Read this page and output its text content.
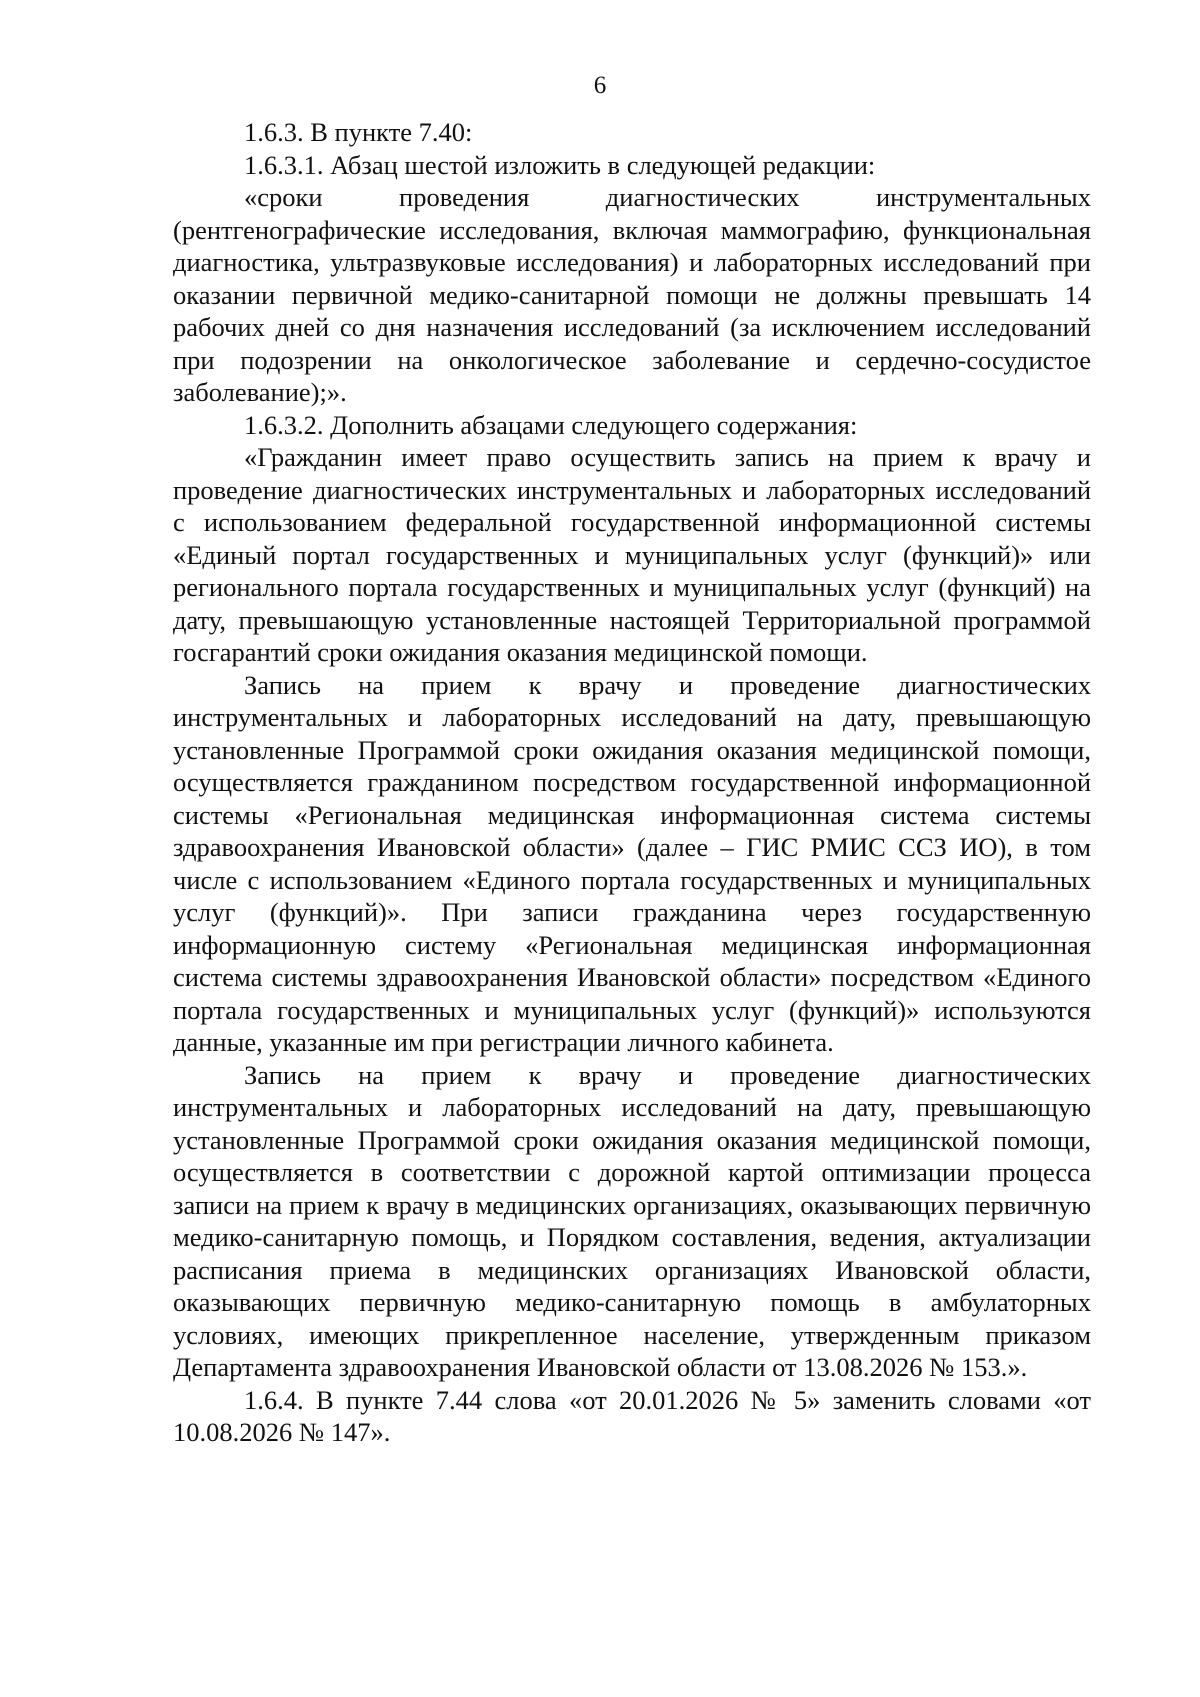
6

1.6.3. В пункте 7.40:

1.6.3.1. Абзац шестой изложить в следующей редакции:

«сроки проведения диагностических инструментальных (рентгенографические исследования, включая маммографию, функциональная диагностика, ультразвуковые исследования) и лабораторных исследований при оказании первичной медико-санитарной помощи не должны превышать 14 рабочих дней со дня назначения исследований (за исключением исследований при подозрении на онкологическое заболевание и сердечно-сосудистое заболевание);».

1.6.3.2. Дополнить абзацами следующего содержания:

«Гражданин имеет право осуществить запись на прием к врачу и проведение диагностических инструментальных и лабораторных исследований с использованием федеральной государственной информационной системы «Единый портал государственных и муниципальных услуг (функций)» или регионального портала государственных и муниципальных услуг (функций) на дату, превышающую установленные настоящей Территориальной программой госгарантий сроки ожидания оказания медицинской помощи.

Запись на прием к врачу и проведение диагностических инструментальных и лабораторных исследований на дату, превышающую установленные Программой сроки ожидания оказания медицинской помощи, осуществляется гражданином посредством государственной информационной системы «Региональная медицинская информационная система системы здравоохранения Ивановской области» (далее – ГИС РМИС ССЗ ИО), в том числе с использованием «Единого портала государственных и муниципальных услуг (функций)». При записи гражданина через государственную информационную систему «Региональная медицинская информационная система системы здравоохранения Ивановской области» посредством «Единого портала государственных и муниципальных услуг (функций)» используются данные, указанные им при регистрации личного кабинета.

Запись на прием к врачу и проведение диагностических инструментальных и лабораторных исследований на дату, превышающую установленные Программой сроки ожидания оказания медицинской помощи, осуществляется в соответствии с дорожной картой оптимизации процесса записи на прием к врачу в медицинских организациях, оказывающих первичную медико-санитарную помощь, и Порядком составления, ведения, актуализации расписания приема в медицинских организациях Ивановской области, оказывающих первичную медико-санитарную помощь в амбулаторных условиях, имеющих прикрепленное население, утвержденным приказом Департамента здравоохранения Ивановской области от 13.08.2026 № 153.».

1.6.4. В пункте 7.44 слова «от 20.01.2026 № 5» заменить словами «от 10.08.2026 № 147».
